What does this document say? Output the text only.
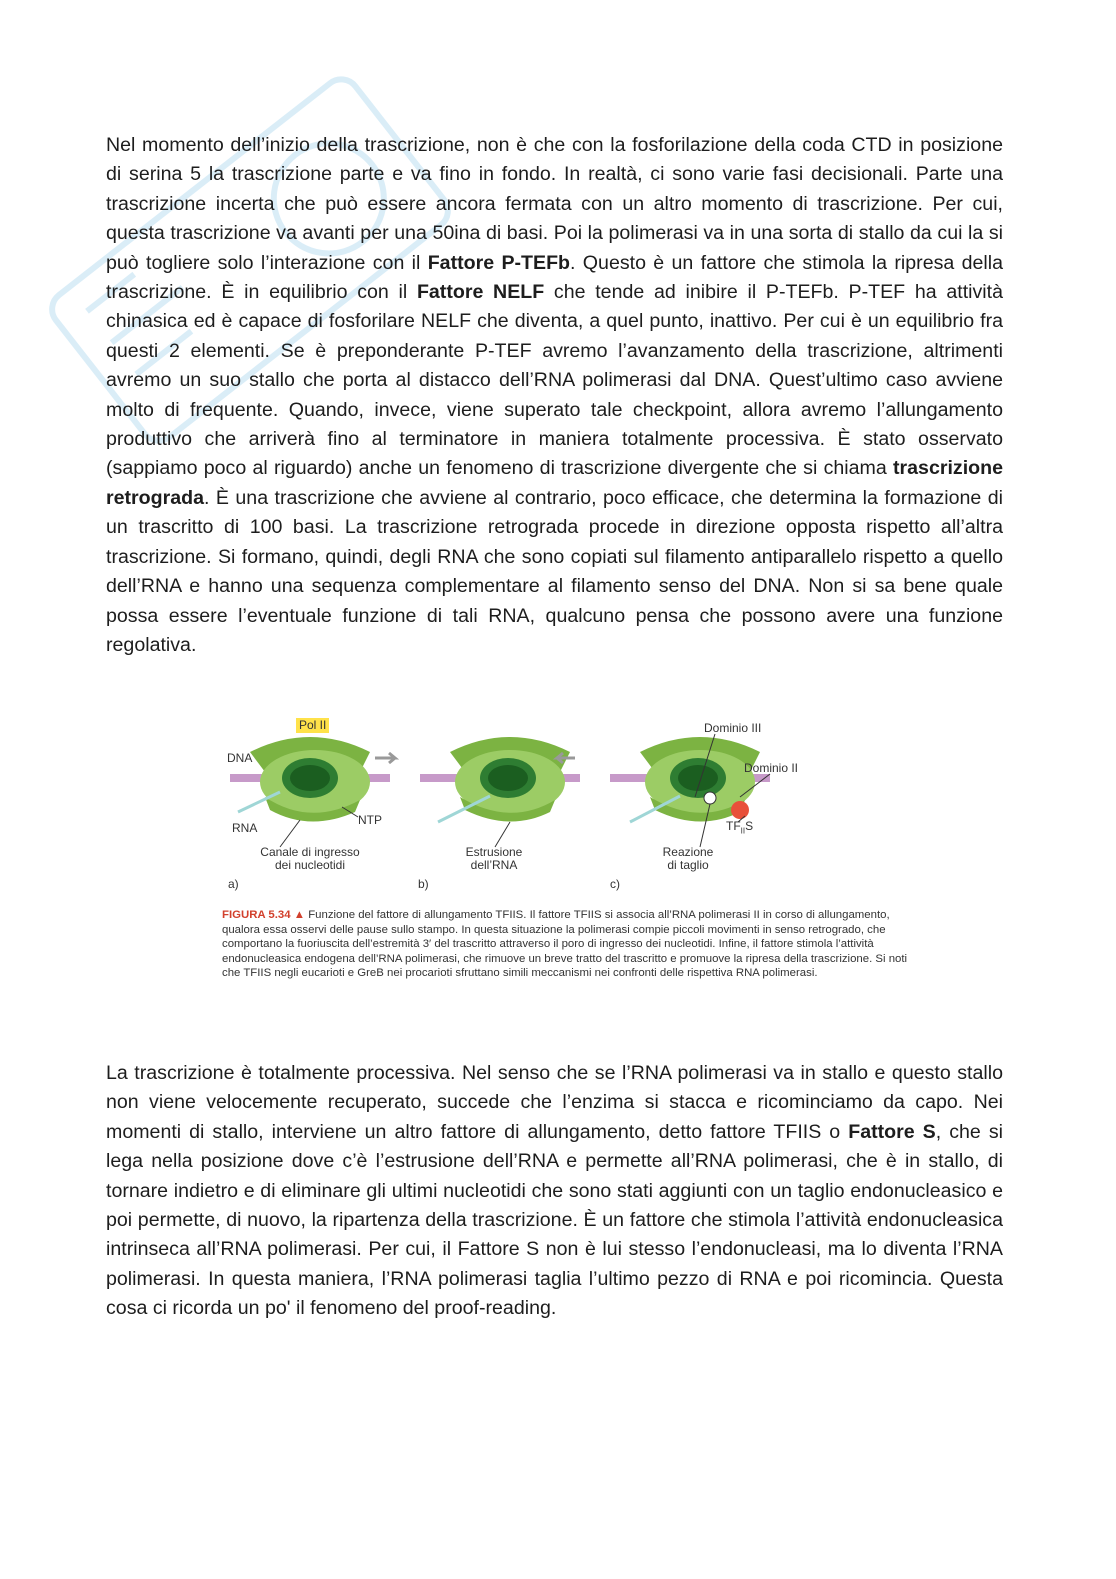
Nel momento dell’inizio della trascrizione, non è che con la fosforilazione della coda CTD in posizione di serina 5 la trascrizione parte e va fino in fondo. In realtà, ci sono varie fasi decisionali. Parte una trascrizione incerta che può essere ancora fermata con un altro momento di trascrizione. Per cui, questa trascrizione va avanti per una 50ina di basi. Poi la polimerasi va in una sorta di stallo da cui la si può togliere solo l’interazione con il Fattore P-TEFb. Questo è un fattore che stimola la ripresa della trascrizione. È in equilibrio con il Fattore NELF che tende ad inibire il P-TEFb. P-TEF ha attività chinasica ed è capace di fosforilare NELF che diventa, a quel punto, inattivo. Per cui è un equilibrio fra questi 2 elementi. Se è preponderante P-TEF avremo l’avanzamento della trascrizione, altrimenti avremo un suo stallo che porta al distacco dell’RNA polimerasi dal DNA. Quest’ultimo caso avviene molto di frequente. Quando, invece, viene superato tale checkpoint, allora avremo l’allungamento produttivo che arriverà fino al terminatore in maniera totalmente processiva. È stato osservato (sappiamo poco al riguardo) anche un fenomeno di trascrizione divergente che si chiama trascrizione retrograda. È una trascrizione che avviene al contrario, poco efficace, che determina la formazione di un trascritto di 100 basi. La trascrizione retrograda procede in direzione opposta rispetto all’altra trascrizione. Si formano, quindi, degli RNA che sono copiati sul filamento antiparallelo rispetto a quello dell’RNA e hanno una sequenza complementare al filamento senso del DNA. Non si sa bene quale possa essere l’eventuale funzione di tali RNA, qualcuno pensa che possono avere una funzione regolativa.

Pol II
DNA
RNA
NTP
Canale di ingresso
dei nucleotidi
Estrusione
dell’RNA
Dominio III
Dominio II
$TF_{II}S$
Reazione
di taglio
a)	b)	c)
FIGURA 5.34 ▲ Funzione del fattore di allungamento TFIIS. Il fattore TFIIS si associa all’RNA polimerasi II in corso di allungamento, qualora essa osservi delle pause sullo stampo. In questa situazione la polimerasi compie piccoli movimenti in senso retrogrado, che comportano la fuoriuscita dell’estremità 3′ del trascritto attraverso il poro di ingresso dei nucleotidi. Infine, il fattore stimola l’attività endonucleasica endogena dell’RNA polimerasi, che rimuove un breve tratto del trascritto e promuove la ripresa della trascrizione. Si noti che TFIIS negli eucarioti e GreB nei procarioti sfruttano simili meccanismi nei confronti delle rispettiva RNA polimerasi.

La trascrizione è totalmente processiva. Nel senso che se l’RNA polimerasi va in stallo e questo stallo non viene velocemente recuperato, succede che l’enzima si stacca e ricominciamo da capo. Nei momenti di stallo, interviene un altro fattore di allungamento, detto fattore TFIIS o Fattore S, che si lega nella posizione dove c’è l’estrusione dell’RNA e permette all’RNA polimerasi, che è in stallo, di tornare indietro e di eliminare gli ultimi nucleotidi che sono stati aggiunti con un taglio endonucleasico e poi permette, di nuovo, la ripartenza della trascrizione. È un fattore che stimola l’attività endonucleasica intrinseca all’RNA polimerasi. Per cui, il Fattore S non è lui stesso l’endonucleasi, ma lo diventa l’RNA polimerasi. In questa maniera, l’RNA polimerasi taglia l’ultimo pezzo di RNA e poi ricomincia. Questa cosa ci ricorda un po' il fenomeno del proof-reading.
